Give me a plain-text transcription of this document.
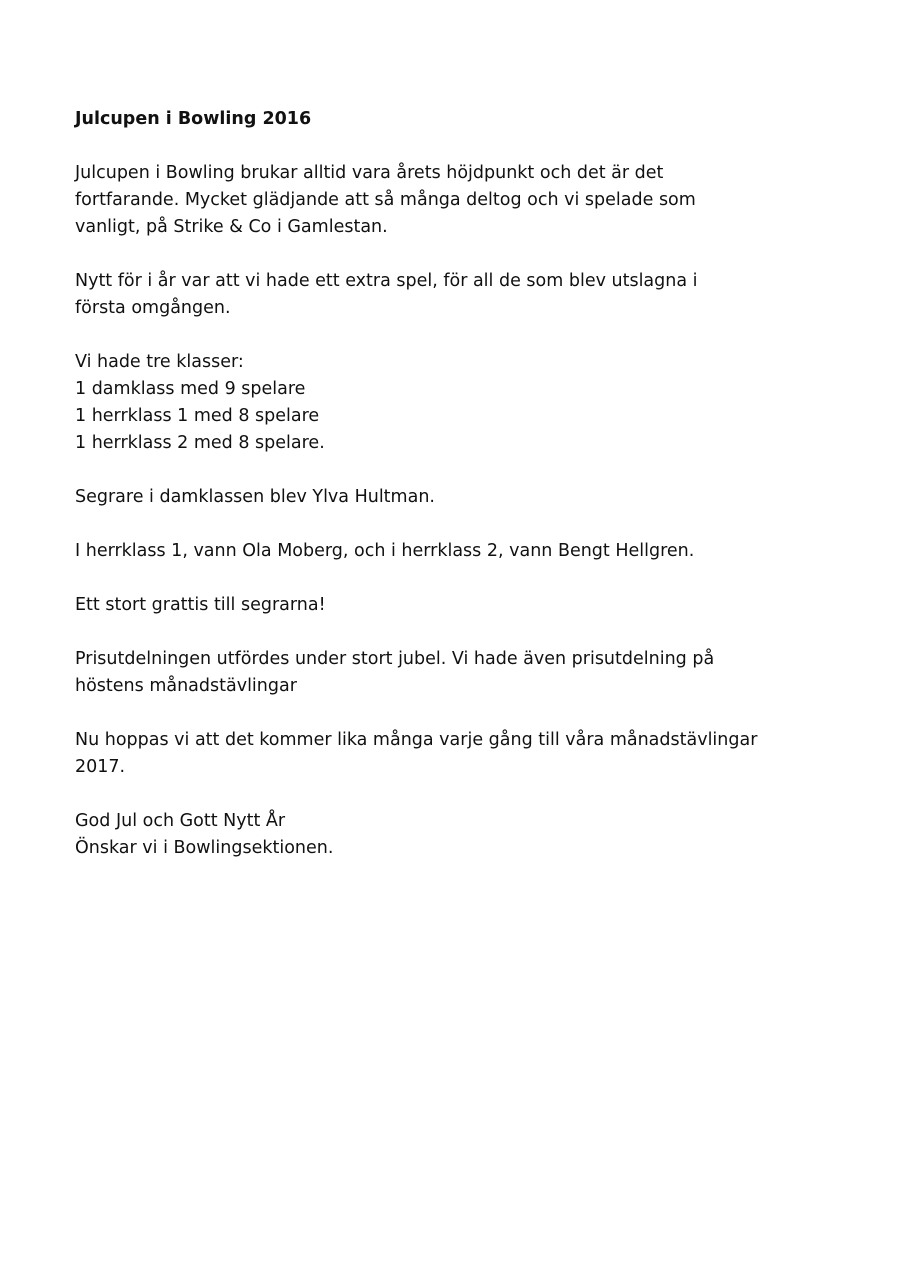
Julcupen i Bowling 2016
Julcupen i Bowling brukar alltid vara årets höjdpunkt och det är det
fortfarande. Mycket glädjande att så många deltog och vi spelade som
vanligt, på Strike & Co i Gamlestan.
Nytt för i år var att vi hade ett extra spel, för all de som blev utslagna i
första omgången.
Vi hade tre klasser:
1 damklass med 9 spelare
1 herrklass 1 med 8 spelare
1 herrklass 2 med 8 spelare.
Segrare i damklassen blev Ylva Hultman.
I herrklass 1, vann Ola Moberg, och i herrklass 2, vann Bengt Hellgren.
Ett stort grattis till segrarna!
Prisutdelningen utfördes under stort jubel. Vi hade även prisutdelning på
höstens månadstävlingar
Nu hoppas vi att det kommer lika många varje gång till våra månadstävlingar
2017.
God Jul och Gott Nytt År
Önskar vi i Bowlingsektionen.
